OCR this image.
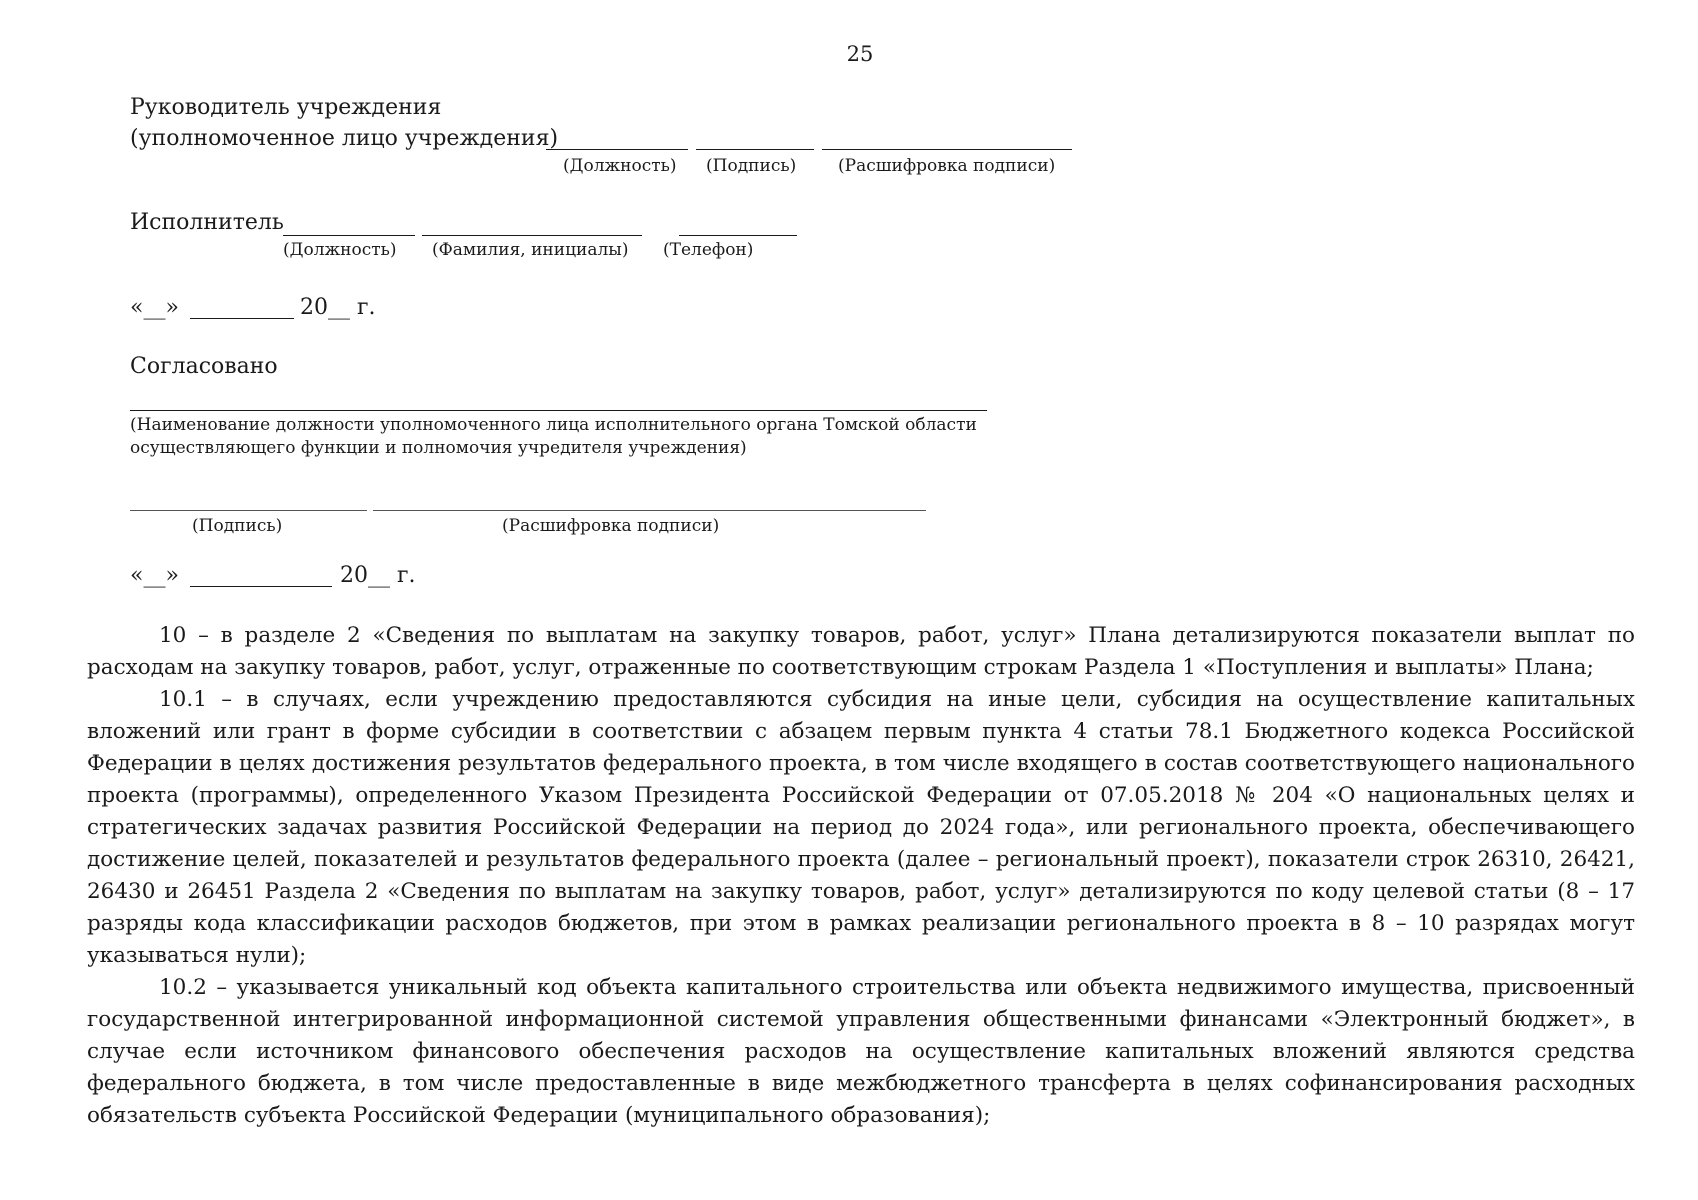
25
Руководитель учреждения
(уполномоченное лицо учреждения)
(Должность) (Подпись) (Расшифровка подписи)
Исполнитель
(Должность) (Фамилия, инициалы) (Телефон)
«__»	20__ г.
Согласовано
(Наименование должности уполномоченного лица исполнительного органа Томской области
осуществляющего функции и полномочия учредителя учреждения)
(Подпись)	(Расшифровка подписи)
«__»	20__ г.

10 – в разделе 2 «Сведения по выплатам на закупку товаров, работ, услуг» Плана детализируются показатели выплат по расходам на закупку товаров, работ, услуг, отраженные по соответствующим строкам Раздела 1 «Поступления и выплаты» Плана;

10.1 – в случаях, если учреждению предоставляются субсидия на иные цели, субсидия на осуществление капитальных вложений или грант в форме субсидии в соответствии с абзацем первым пункта 4 статьи 78.1 Бюджетного кодекса Российской Федерации в целях достижения результатов федерального проекта, в том числе входящего в состав соответствующего национального проекта (программы), определенного Указом Президента Российской Федерации от 07.05.2018 № 204 «О национальных целях и стратегических задачах развития Российской Федерации на период до 2024 года», или регионального проекта, обеспечивающего достижение целей, показателей и результатов федерального проекта (далее – региональный проект), показатели строк 26310, 26421, 26430 и 26451 Раздела 2 «Сведения по выплатам на закупку товаров, работ, услуг» детализируются по коду целевой статьи (8 – 17 разряды кода классификации расходов бюджетов, при этом в рамках реализации регионального проекта в 8 – 10 разрядах могут указываться нули);

10.2 – указывается уникальный код объекта капитального строительства или объекта недвижимого имущества, присвоенный государственной интегрированной информационной системой управления общественными финансами «Электронный бюджет», в случае если источником финансового обеспечения расходов на осуществление капитальных вложений являются средства федерального бюджета, в том числе предоставленные в виде межбюджетного трансферта в целях софинансирования расходных обязательств субъекта Российской Федерации (муниципального образования);
